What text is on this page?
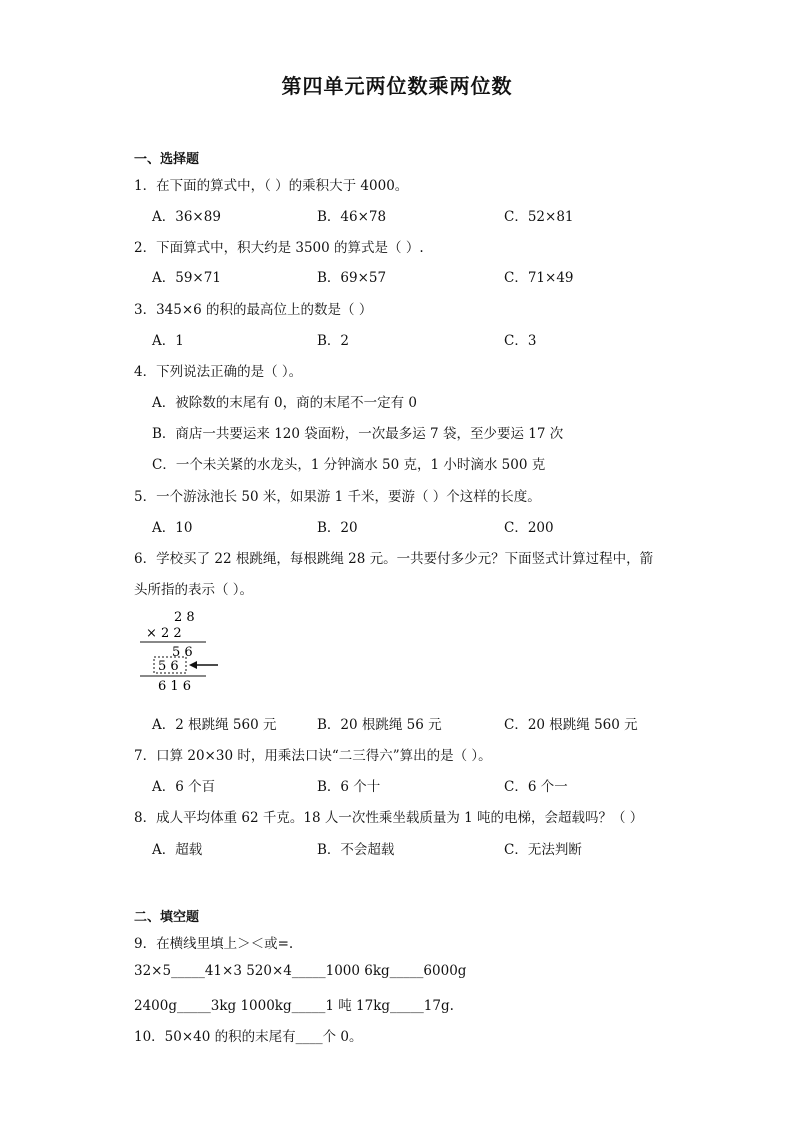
第四单元两位数乘两位数
一、选择题
1．在下面的算式中，（ ）的乘积大于 4000。
A．36×89	B．46×78	C．52×81
2．下面算式中，积大约是 3500 的算式是（ ）.
A．59×71	B．69×57	C．71×49
3．345×6 的积的最高位上的数是（ ）
A．1	B．2	C．3
4．下列说法正确的是（ ）。
A．被除数的末尾有 0，商的末尾不一定有 0
B．商店一共要运来 120 袋面粉，一次最多运 7 袋，至少要运 17 次
C．一个未关紧的水龙头，1 分钟滴水 50 克，1 小时滴水 500 克
5．一个游泳池长 50 米，如果游 1 千米，要游（ ）个这样的长度。
A．10	B．20	C．200
6．学校买了 22 根跳绳，每根跳绳 28 元。一共要付多少元？下面竖式计算过程中，箭
头所指的表示（ ）。
2 8
× 2 2
5 6
5 6
6 1 6
A．2 根跳绳 560 元	B．20 根跳绳 56 元	C．20 根跳绳 560 元
7．口算 20×30 时，用乘法口诀“二三得六”算出的是（ ）。
A．6 个百	B．6 个十	C．6 个一
8．成人平均体重 62 千克。18 人一次性乘坐载质量为 1 吨的电梯，会超载吗？（ ）
A．超载	B．不会超载	C．无法判断
二、填空题
9．在横线里填上＞＜或=.
32×5_____41×3 520×4_____1000 6kg_____6000g
2400g_____3kg 1000kg_____1 吨 17kg_____17g.
10．50×40 的积的末尾有____个 0。
